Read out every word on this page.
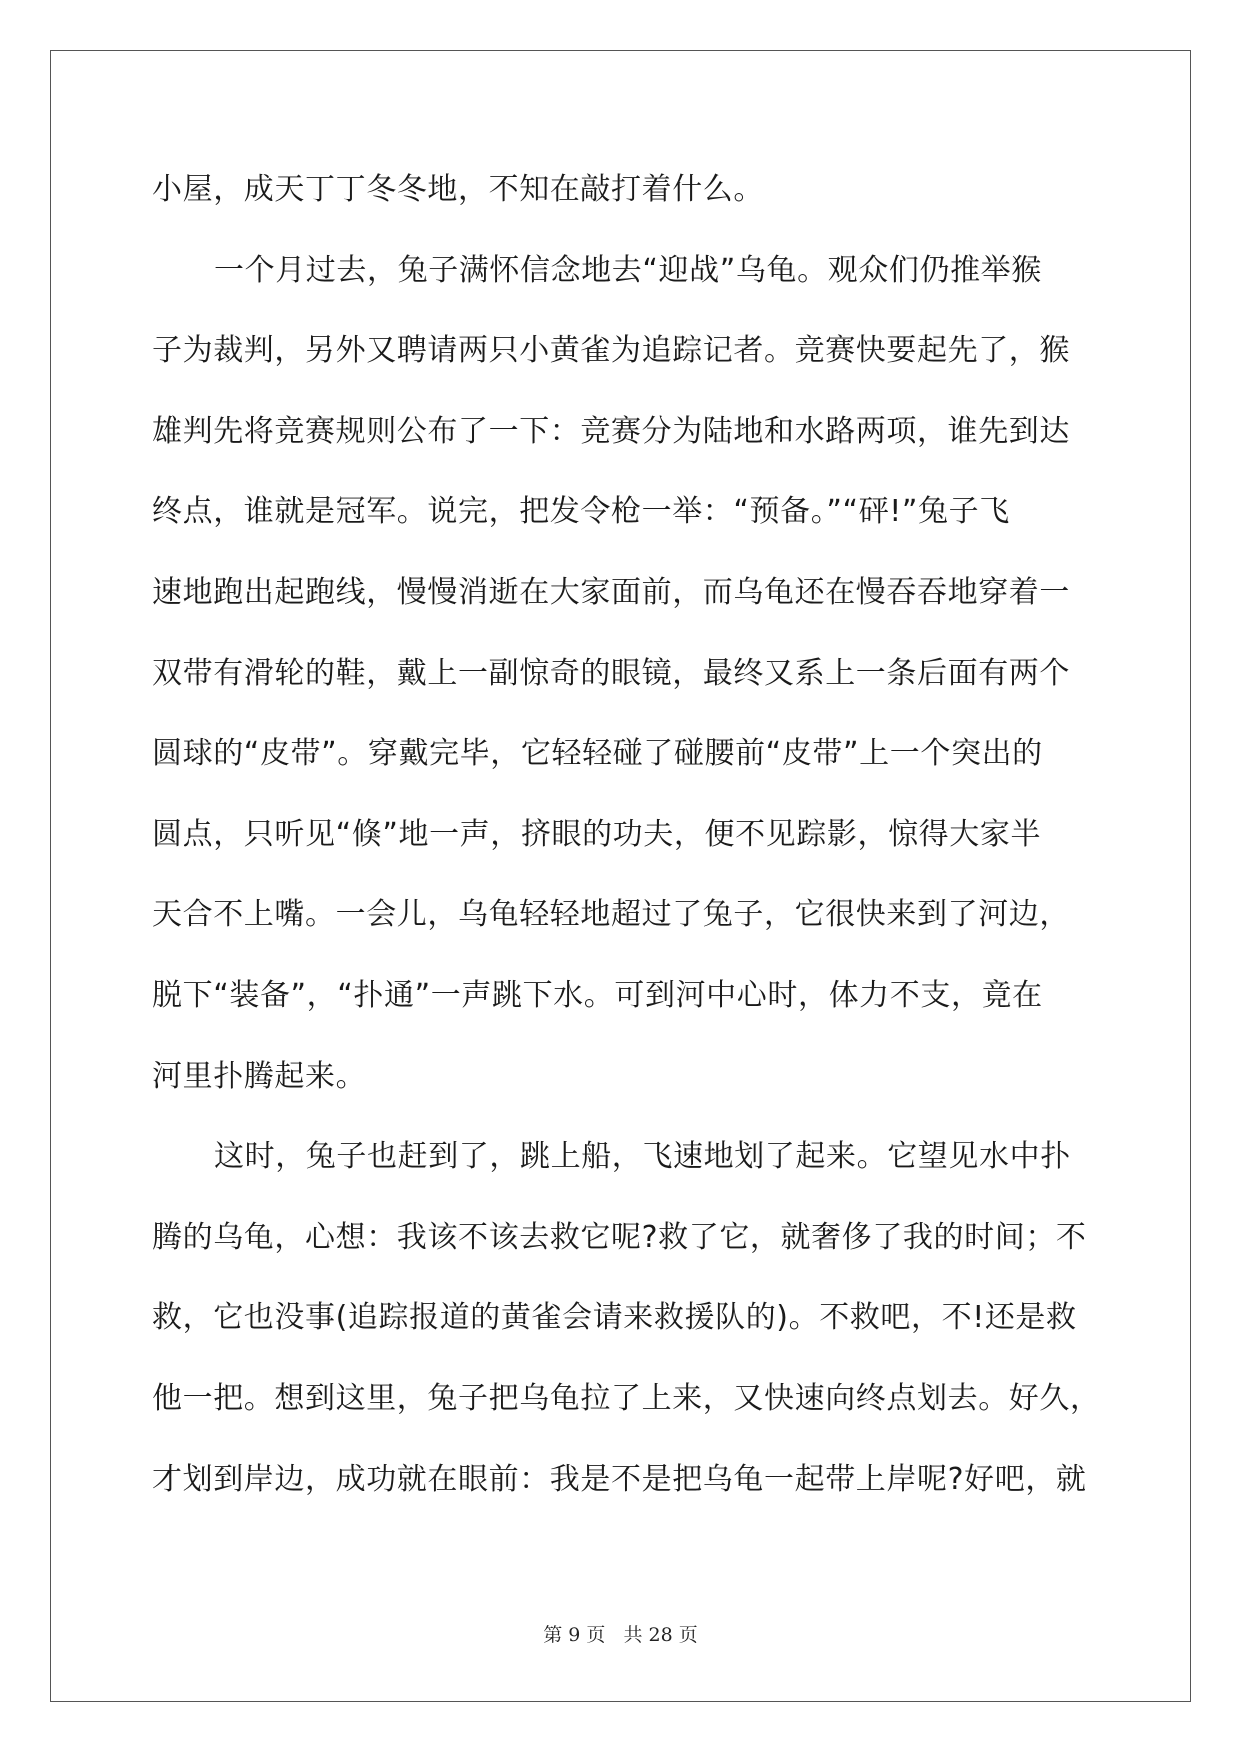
小屋，成天丁丁冬冬地，不知在敲打着什么。
一个月过去，兔子满怀信念地去“迎战”乌龟。观众们仍推举猴
子为裁判，另外又聘请两只小黄雀为追踪记者。竞赛快要起先了，猴
雄判先将竞赛规则公布了一下：竞赛分为陆地和水路两项，谁先到达
终点，谁就是冠军。说完，把发令枪一举：“预备。”“砰!”兔子飞
速地跑出起跑线，慢慢消逝在大家面前，而乌龟还在慢吞吞地穿着一
双带有滑轮的鞋，戴上一副惊奇的眼镜，最终又系上一条后面有两个
圆球的“皮带”。穿戴完毕，它轻轻碰了碰腰前“皮带”上一个突出的
圆点，只听见“倏”地一声，挤眼的功夫，便不见踪影，惊得大家半
天合不上嘴。一会儿，乌龟轻轻地超过了兔子，它很快来到了河边，
脱下“装备”，“扑通”一声跳下水。可到河中心时，体力不支，竟在
河里扑腾起来。
这时，兔子也赶到了，跳上船，飞速地划了起来。它望见水中扑
腾的乌龟，心想：我该不该去救它呢?救了它，就奢侈了我的时间；不
救，它也没事(追踪报道的黄雀会请来救援队的)。不救吧，不!还是救
他一把。想到这里，兔子把乌龟拉了上来，又快速向终点划去。好久，
才划到岸边，成功就在眼前：我是不是把乌龟一起带上岸呢?好吧，就
第 9 页 共 28 页
